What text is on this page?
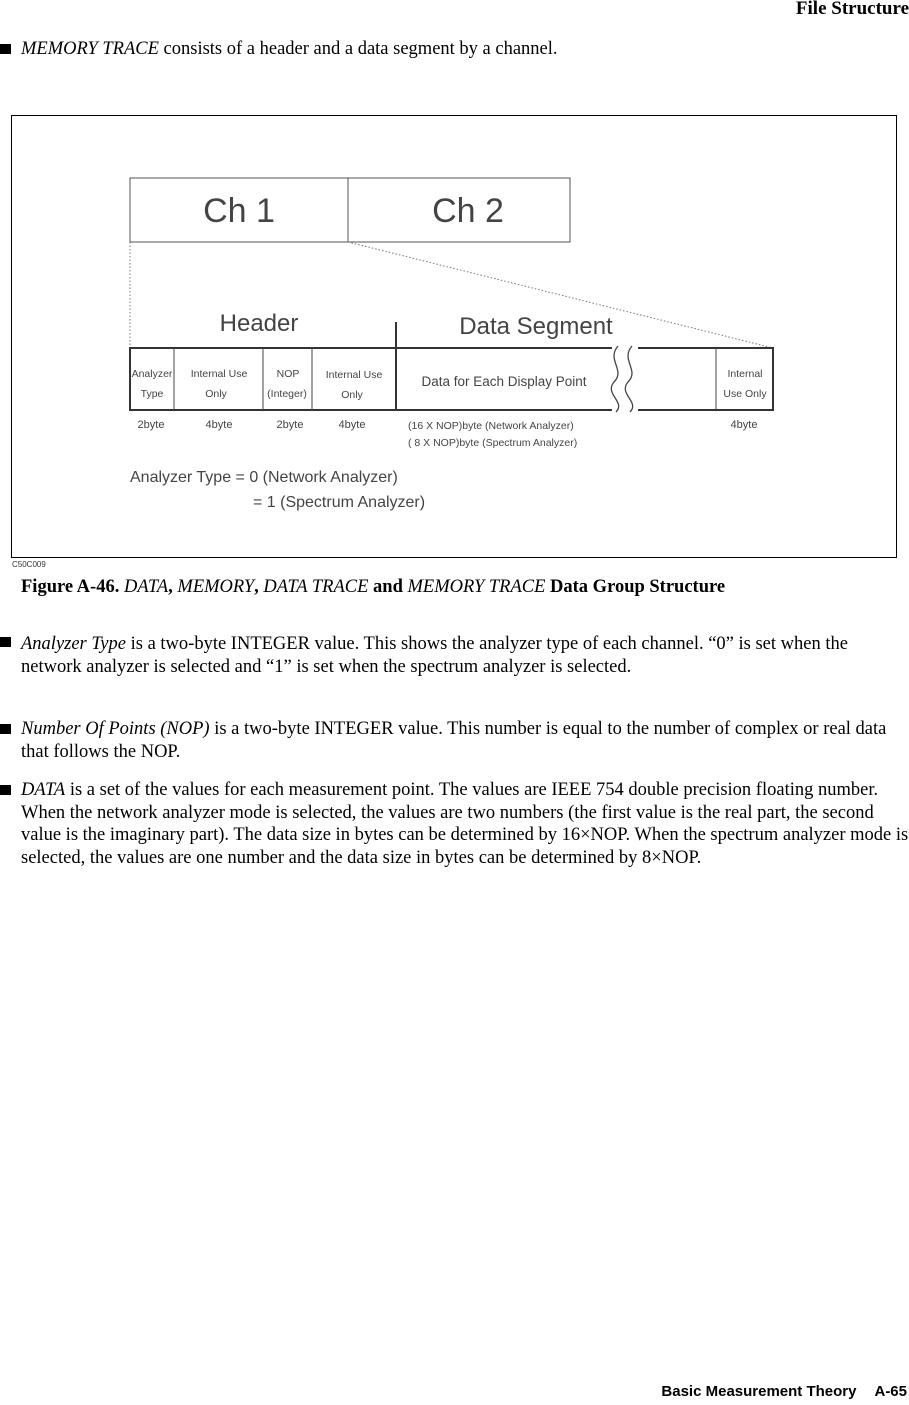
File Structure
MEMORY TRACE consists of a header and a data segment by a channel.
Ch 1	Ch 2
Header	Data Segment
Analyzer
Type
Internal Use
Only
NOP
(Integer)
Internal Use
Only
Data for Each Display Point	Internal
Use Only
2byte	4byte	2byte	4byte	(16 X NOP)byte (Network Analyzer)
( 8 X NOP)byte (Spectrum Analyzer)
4byte
Analyzer Type = 0 (Network Analyzer)
= 1 (Spectrum Analyzer)
C50C009
Figure A-46. DATA, MEMORY, DATA TRACE and MEMORY TRACE Data Group Structure
Analyzer Type is a two-byte INTEGER value. This shows the analyzer type of each channel. “0” is set when the network analyzer is selected and “1” is set when the spectrum analyzer is selected.
Number Of Points (NOP) is a two-byte INTEGER value. This number is equal to the number of complex or real data that follows the NOP.
DATA is a set of the values for each measurement point. The values are IEEE 754 double precision floating number. When the network analyzer mode is selected, the values are two numbers (the first value is the real part, the second value is the imaginary part). The data size in bytes can be determined by 16×NOP. When the spectrum analyzer mode is selected, the values are one number and the data size in bytes can be determined by 8×NOP.
Basic Measurement Theory A-65
